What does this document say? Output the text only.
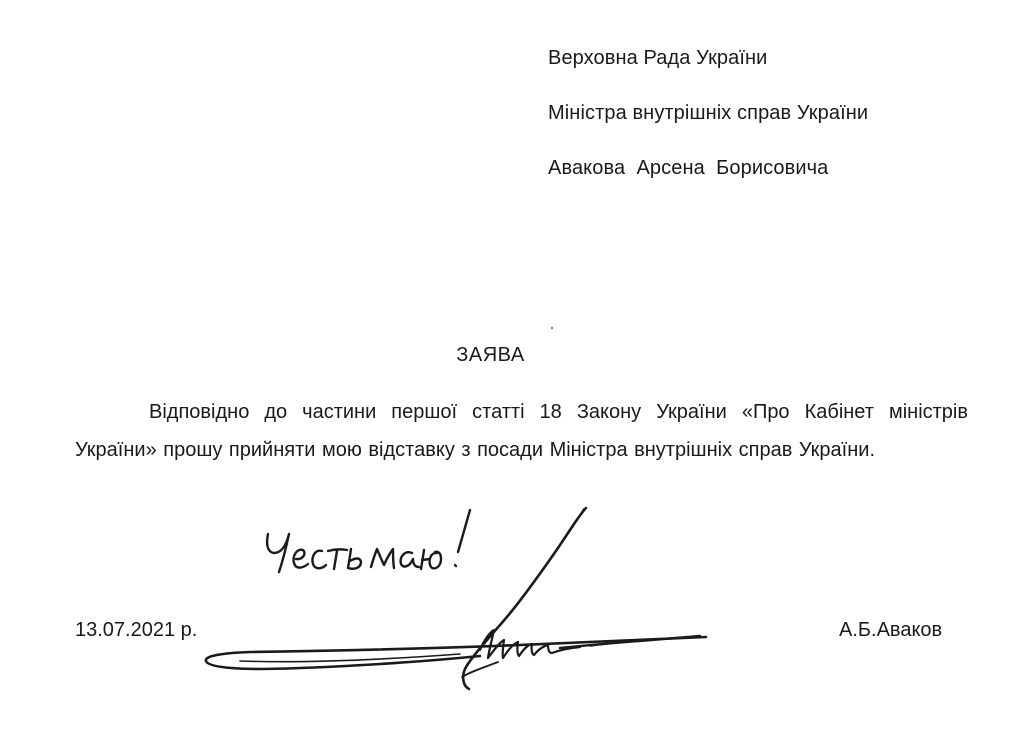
Верховна Рада України
Міністра внутрішніх справ України
Авакова  Арсена  Борисовича
ЗАЯВА
Відповідно до частини першої статті 18 Закону України «Про Кабінет міністрів України» прошу прийняти мою відставку з посади Міністра внутрішніх справ України.
13.07.2021 р.	А.Б.Аваков
